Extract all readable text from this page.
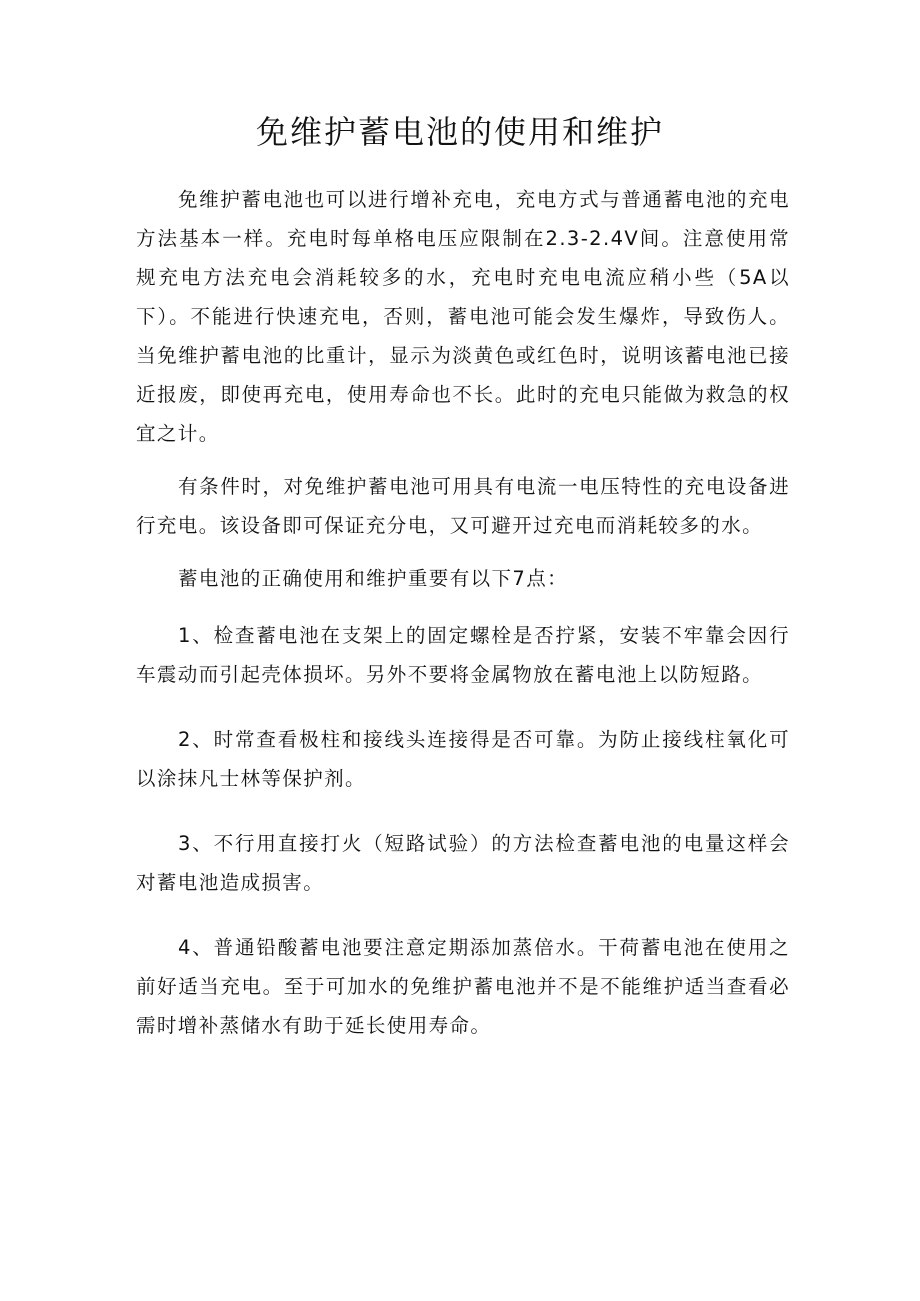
免维护蓄电池的使用和维护

免维护蓄电池也可以进行增补充电，充电方式与普通蓄电池的充电方法基本一样。充电时每单格电压应限制在2.3-2.4V间。注意使用常规充电方法充电会消耗较多的水，充电时充电电流应稍小些（5A以下）。不能进行快速充电，否则，蓄电池可能会发生爆炸，导致伤人。当免维护蓄电池的比重计，显示为淡黄色或红色时，说明该蓄电池已接近报废，即使再充电，使用寿命也不长。此时的充电只能做为救急的权宜之计。

有条件时，对免维护蓄电池可用具有电流一电压特性的充电设备进行充电。该设备即可保证充分电，又可避开过充电而消耗较多的水。

蓄电池的正确使用和维护重要有以下7点：

1、检查蓄电池在支架上的固定螺栓是否拧紧，安装不牢靠会因行车震动而引起壳体损坏。另外不要将金属物放在蓄电池上以防短路。

2、时常查看极柱和接线头连接得是否可靠。为防止接线柱氧化可以涂抹凡士林等保护剂。

3、不行用直接打火（短路试验）的方法检查蓄电池的电量这样会对蓄电池造成损害。

4、普通铅酸蓄电池要注意定期添加蒸倍水。干荷蓄电池在使用之前好适当充电。至于可加水的免维护蓄电池并不是不能维护适当查看必需时增补蒸储水有助于延长使用寿命。
